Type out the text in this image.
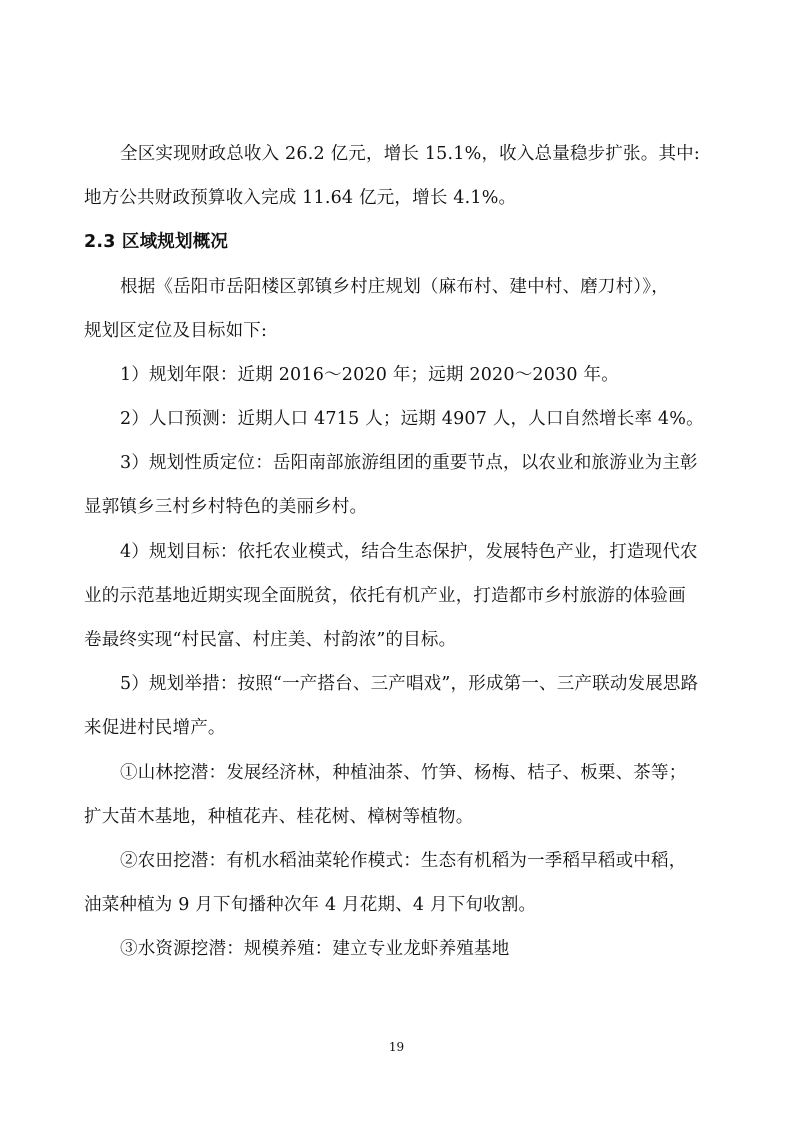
全区实现财政总收入 26.2 亿元，增长 15.1%，收入总量稳步扩张。其中:
地方公共财政预算收入完成 11.64 亿元，增长 4.1%。
2.3 区域规划概况
根据《岳阳市岳阳楼区郭镇乡村庄规划（麻布村、建中村、磨刀村）》，
规划区定位及目标如下:
1）规划年限：近期 2016～2020 年；远期 2020～2030 年。
2）人口预测：近期人口 4715 人；远期 4907 人，人口自然增长率 4%。
3）规划性质定位：岳阳南部旅游组团的重要节点，以农业和旅游业为主彰
显郭镇乡三村乡村特色的美丽乡村。
4）规划目标：依托农业模式，结合生态保护，发展特色产业，打造现代农
业的示范基地近期实现全面脱贫，依托有机产业，打造都市乡村旅游的体验画
卷最终实现“村民富、村庄美、村韵浓”的目标。
5）规划举措：按照“一产搭台、三产唱戏”，形成第一、三产联动发展思路
来促进村民增产。
①山林挖潜：发展经济林，种植油茶、竹笋、杨梅、桔子、板栗、茶等；
扩大苗木基地，种植花卉、桂花树、樟树等植物。
②农田挖潜：有机水稻油菜轮作模式：生态有机稻为一季稻早稻或中稻，
油菜种植为 9 月下旬播种次年 4 月花期、4 月下旬收割。
③水资源挖潜：规模养殖：建立专业龙虾养殖基地
19
